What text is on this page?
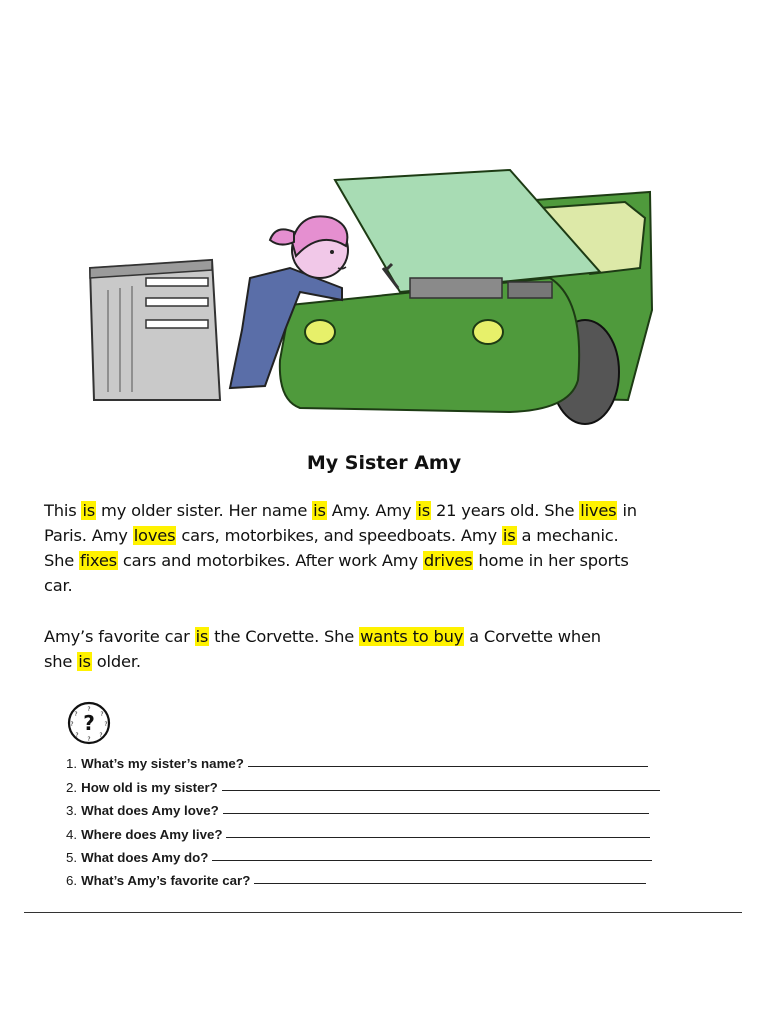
My Sister Amy
This is my older sister. Her name is Amy. Amy is 21 years old. She lives in
Paris. Amy loves cars, motorbikes, and speedboats. Amy is a mechanic.
She fixes cars and motorbikes. After work Amy drives home in her sports
car.
Amy’s favorite car is the Corvette. She wants to buy a Corvette when
she is older.
?
?
?
?
?
?
?
?
?
1. What’s my sister’s name?
2. How old is my sister?
3. What does Amy love?
4. Where does Amy live?
5. What does Amy do?
6. What’s Amy’s favorite car?
